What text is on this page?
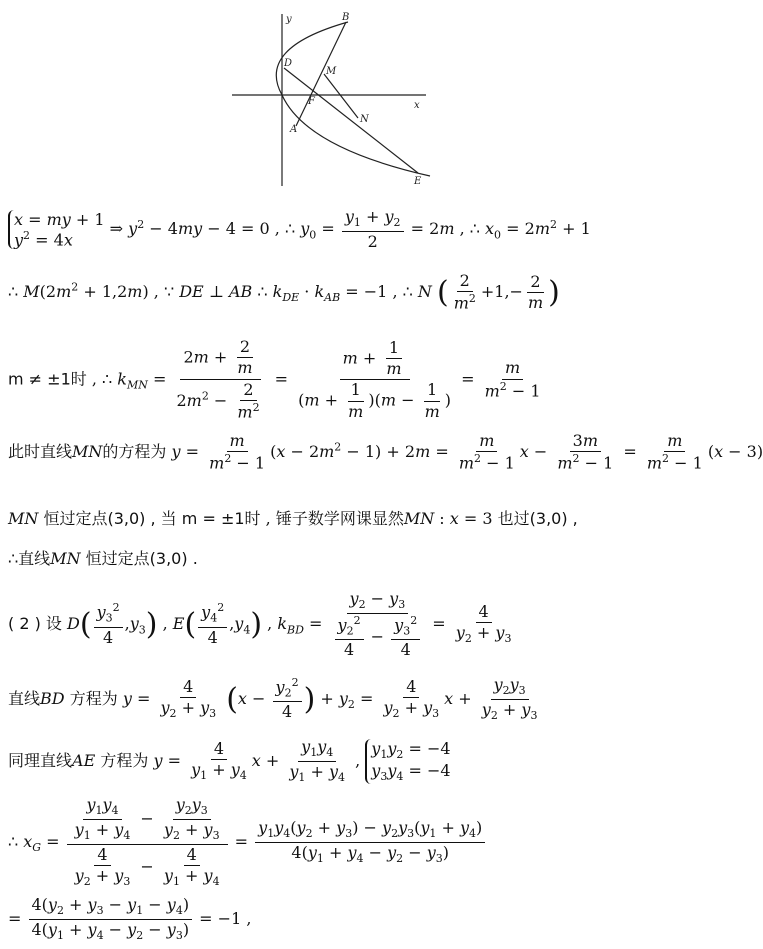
y
x
B
D
M
F
A
N
E
x = my + 1
$y^2 = 4x$
⇒ $y^2 - 4my - 4 = 0$ , ∴ $y_0 = \frac{y_1 + y_2}{2} = 2m$ , ∴ $x_0 = 2m^2 + 1$
∴ $M(2m^2 + 1,2m)$ , ∵ DE ⊥ AB ∴ $k_{DE} \cdot k_{AB} = -1$ , ∴ N ( $\frac{2}{m^2} +1,- \frac{2}{m}$ )
m ≠ ±1时 , ∴ $k_{MN} = \frac{2m + \frac{2}{m}}{2m^2 - \frac{2}{m^2}} = \frac{m + \frac{1}{m}}{(m + \frac{1}{m} )(m - \frac{1}{m} )} = \frac{m}{m^2 - 1}$
此时直线MN的方程为 $y = \frac{m}{m^2 - 1} (x - 2m^2 - 1) + 2m = \frac{m}{m^2 - 1}$ $x - \frac{3m}{m^2 - 1} = \frac{m}{m^2 - 1} (x - 3)$
MN 恒过定点(3,0) , 当 m = ±1时 , 锤子数学网课显然MN : x = 3 也过(3,0) ,
∴直线MN 恒过定点(3,0) .
( 2 ) 设 $D( \frac{y_3^2}{4} ,y_3)$ , $E( \frac{y_4^2}{4} ,y_4)$ , $k_{BD} = \frac{y_2 - y_3}{\frac{y_2^2}{4} - \frac{y_3^2}{4}} = \frac{4}{y_2 + y_3}$
直线BD 方程为 $y = \frac{4}{y_2 + y_3} (x - \frac{y_2^2}{4}$ ) + $y_2 = \frac{4}{y_2 + y_3}$ $x + \frac{y_2y_3}{y_2 + y_3}$
同理直线AE 方程为 $y = \frac{4}{y_1 + y_4}$ $x + \frac{y_1y_4}{y_1 + y_4}$ ,
$y_1y_2 = -4$
$y_3y_4 = -4$
∴ $x_G = \frac{\frac{y_1y_4}{y_1 + y_4} - \frac{y_2y_3}{y_2 + y_3}}{\frac{4}{y_2 + y_3} - \frac{4}{y_1 + y_4}} = \frac{y_1y_4(y_2 + y_3) - y_2y_3(y_1 + y_4)}{4(y_1 + y_4 - y_2 - y_3)}$
= $\frac{4(y_2 + y_3 - y_1 - y_4)}{4(y_1 + y_4 - y_2 - y_3)} = -1$ ,
